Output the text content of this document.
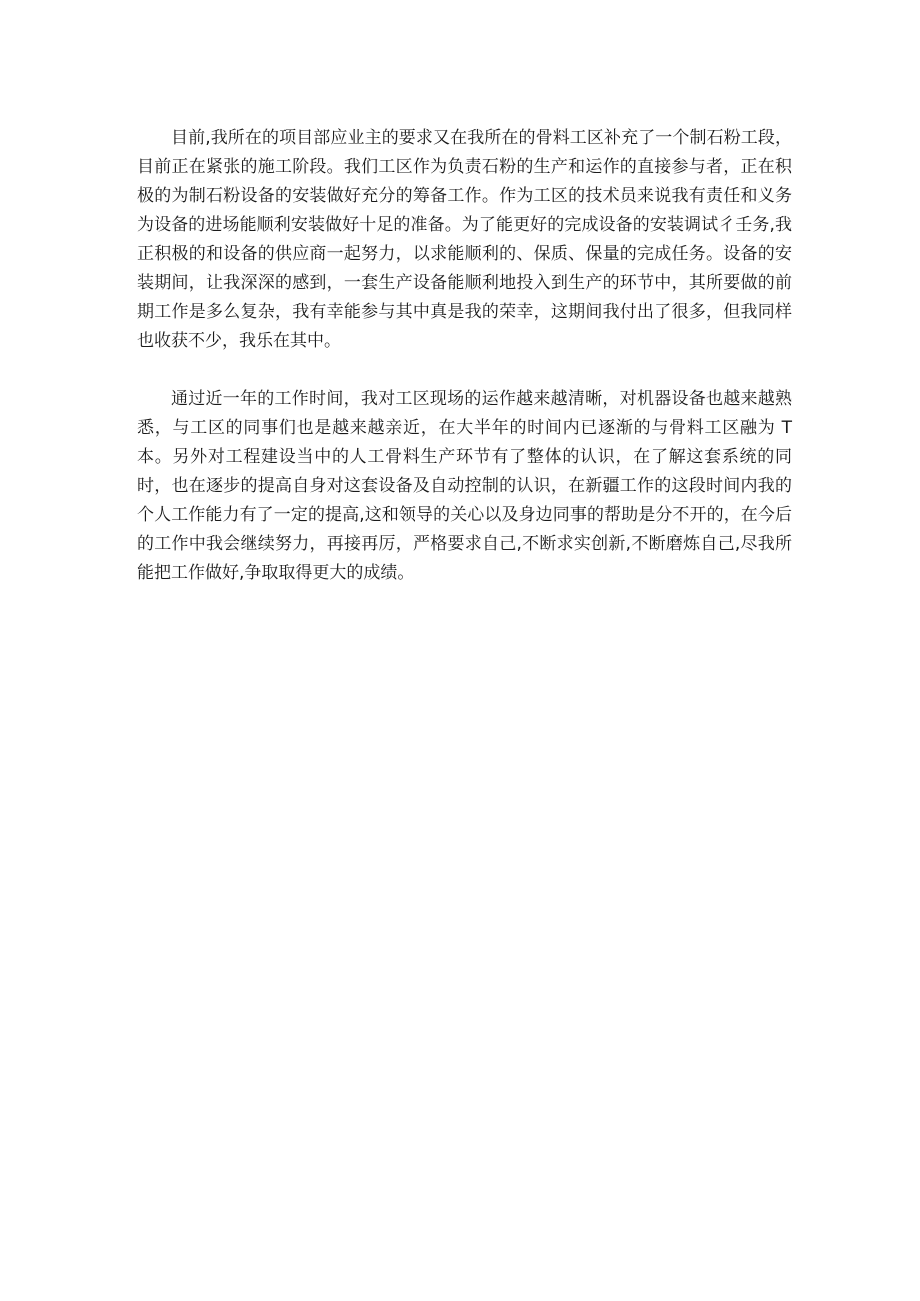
目前,我所在的项目部应业主的要求又在我所在的骨料工区补充了一个制石粉工段，目前正在紧张的施工阶段。我们工区作为负责石粉的生产和运作的直接参与者，正在积极的为制石粉设备的安装做好充分的筹备工作。作为工区的技术员来说我有责任和义务为设备的进场能顺利安装做好十足的准备。为了能更好的完成设备的安装调试彳壬务,我正积极的和设备的供应商一起努力，以求能顺利的、保质、保量的完成任务。设备的安装期间，让我深深的感到，一套生产设备能顺利地投入到生产的环节中，其所要做的前期工作是多么复杂，我有幸能参与其中真是我的荣幸，这期间我付出了很多，但我同样也收获不少，我乐在其中。

通过近一年的工作时间，我对工区现场的运作越来越清晰，对机器设备也越来越熟悉，与工区的同事们也是越来越亲近，在大半年的时间内已逐渐的与骨料工区融为 T 本。另外对工程建设当中的人工骨料生产环节有了整体的认识，在了解这套系统的同时，也在逐步的提高自身对这套设备及自动控制的认识，在新疆工作的这段时间内我的个人工作能力有了一定的提高,这和领导的关心以及身边同事的帮助是分不开的，在今后的工作中我会继续努力，再接再厉，严格要求自己,不断求实创新,不断磨炼自己,尽我所能把工作做好,争取取得更大的成绩。
